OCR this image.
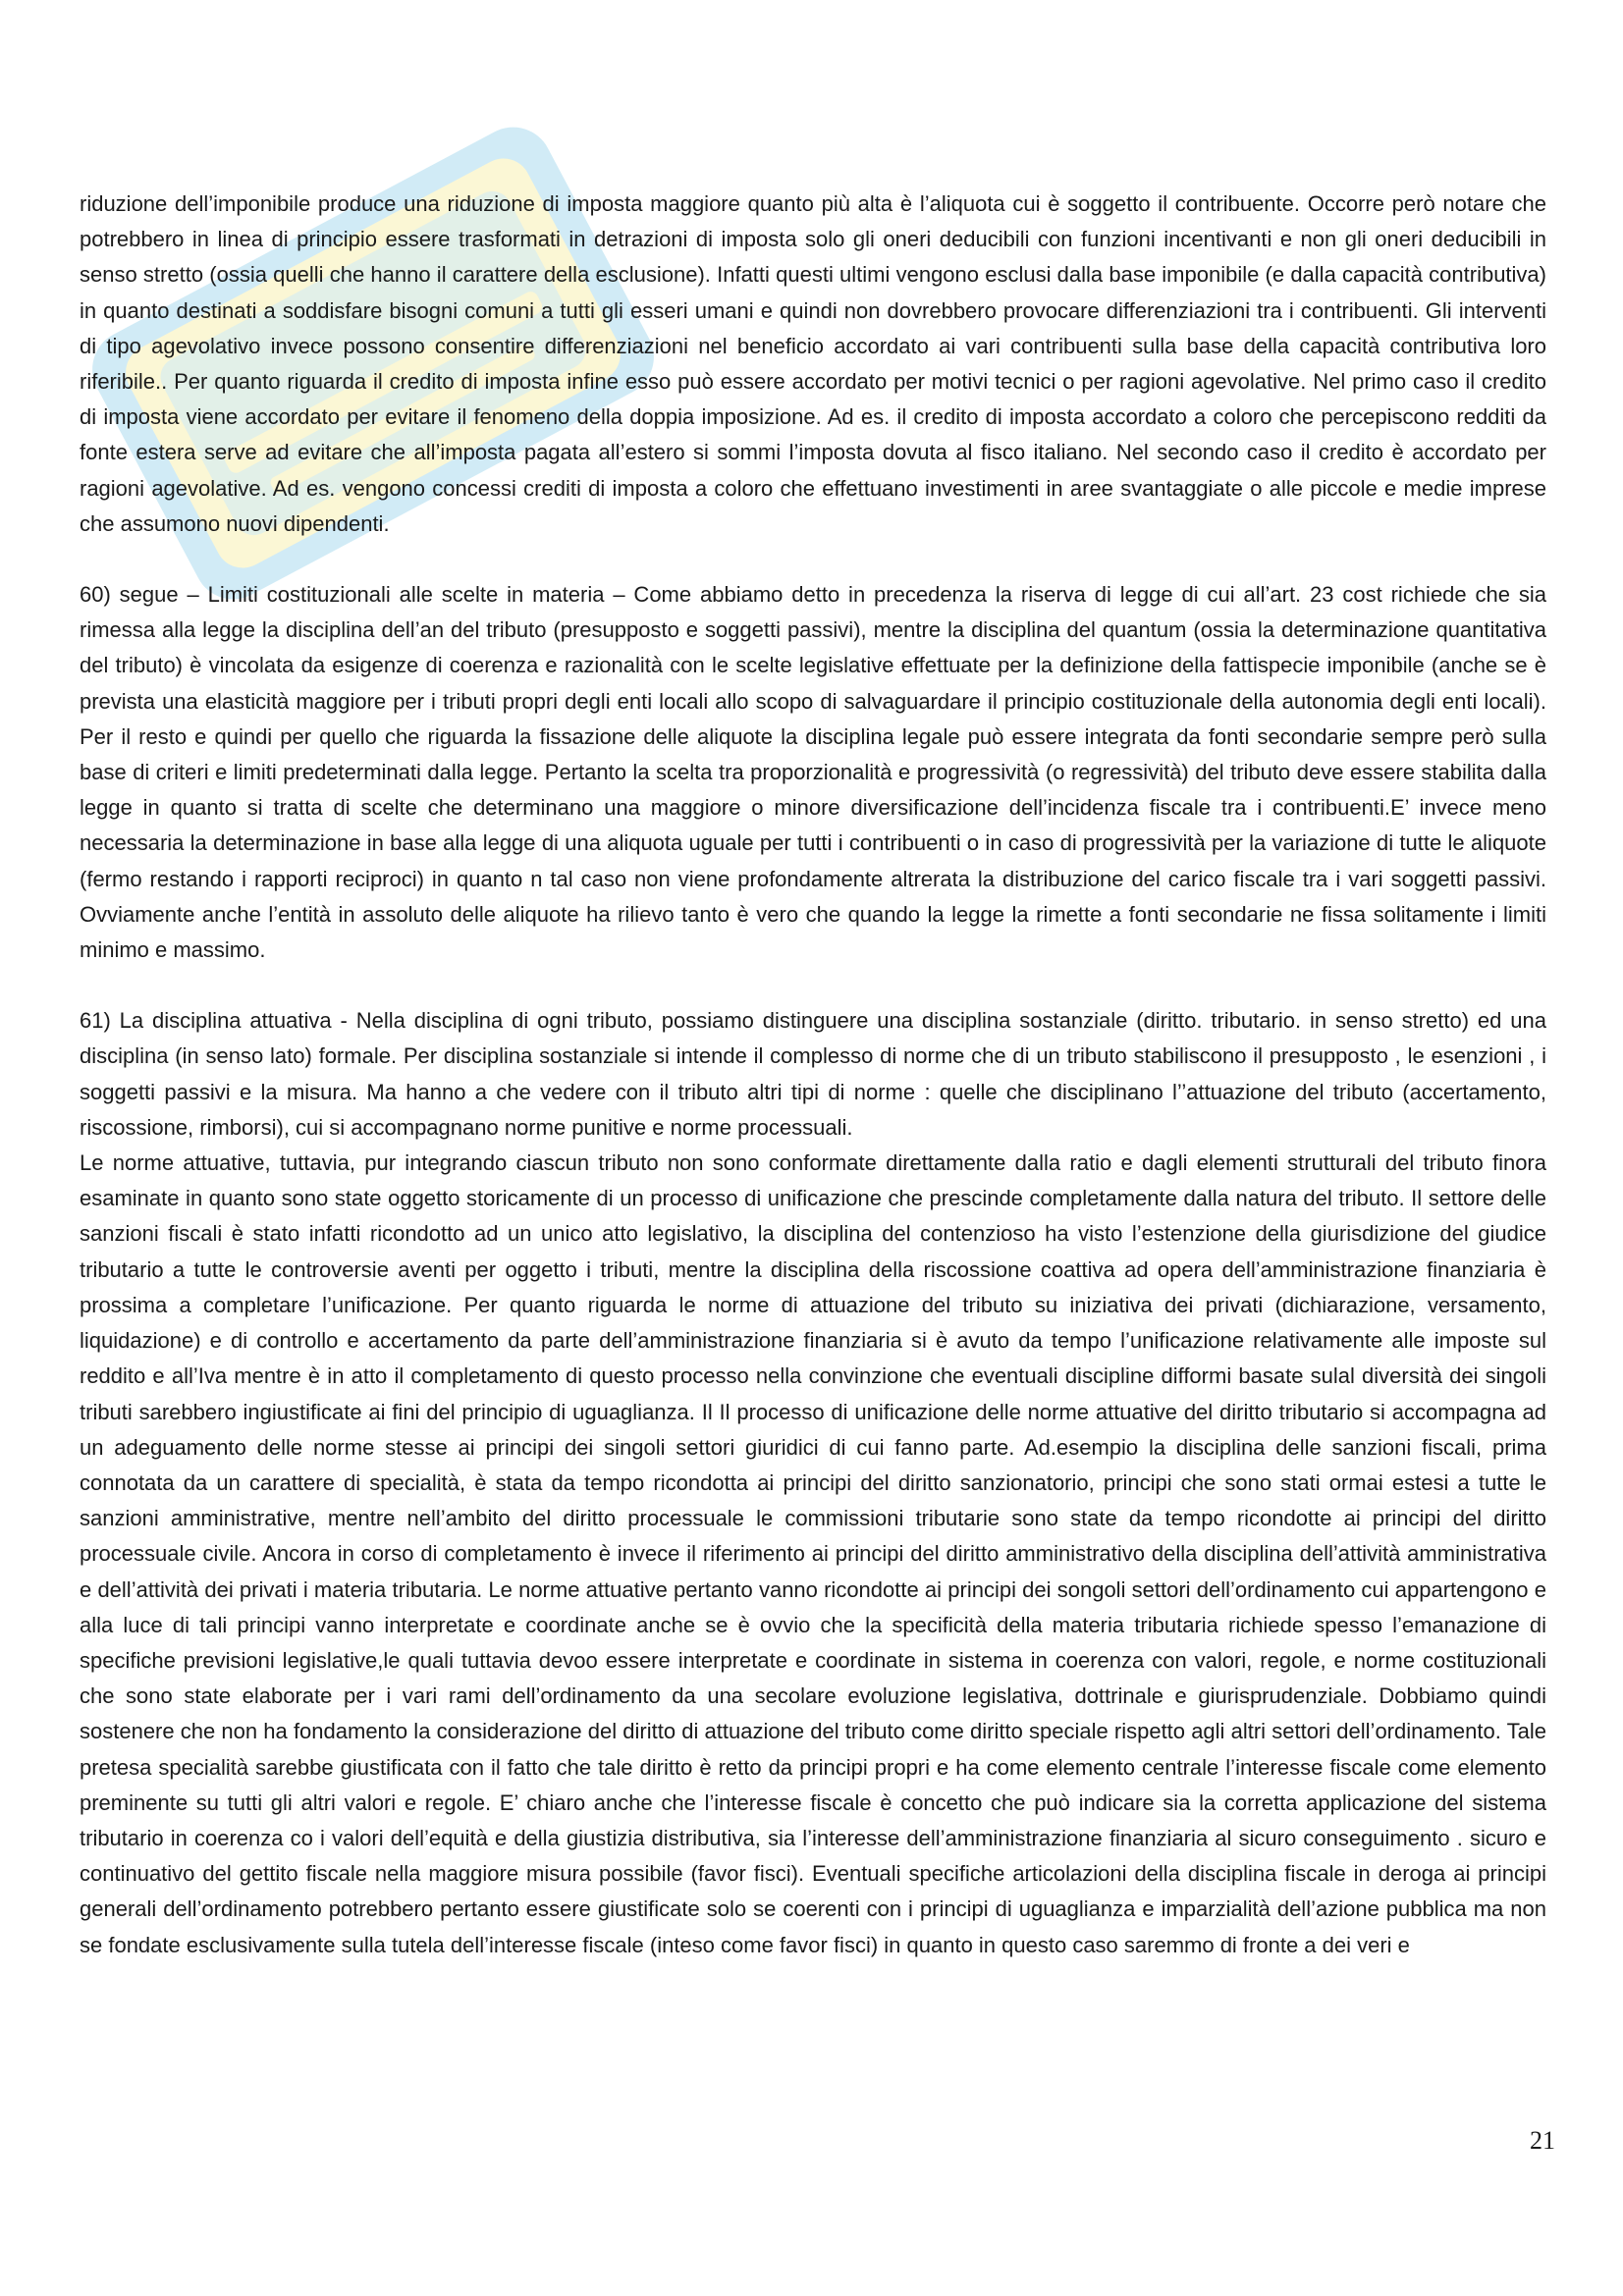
riduzione dell’imponibile produce una riduzione di imposta maggiore quanto più alta è l’aliquota cui è soggetto il contribuente. Occorre però notare che potrebbero in linea di principio essere trasformati in detrazioni di imposta solo gli oneri deducibili con funzioni incentivanti e non gli oneri deducibili in senso stretto (ossia quelli che hanno il carattere della esclusione). Infatti questi ultimi vengono esclusi dalla base imponibile (e dalla capacità contributiva) in quanto destinati a soddisfare bisogni comuni a tutti gli esseri umani e quindi non dovrebbero provocare differenziazioni tra i contribuenti. Gli interventi di tipo agevolativo invece possono consentire differenziazioni nel beneficio accordato ai vari contribuenti sulla base della capacità contributiva loro riferibile.. Per quanto riguarda il credito di imposta infine esso può essere accordato per motivi tecnici o per ragioni agevolative. Nel primo caso il credito di imposta viene accordato per evitare il fenomeno della doppia imposizione. Ad es. il credito di imposta accordato a coloro che percepiscono redditi da fonte estera serve ad evitare che all’imposta pagata all’estero si sommi l’imposta dovuta al fisco italiano. Nel secondo caso il credito è accordato per ragioni agevolative. Ad es. vengono concessi crediti di imposta a coloro che effettuano investimenti in aree svantaggiate o alle piccole e medie imprese che assumono nuovi dipendenti.

60) segue – Limiti costituzionali alle scelte in materia – Come abbiamo detto in precedenza la riserva di legge di cui all’art. 23 cost richiede che sia rimessa alla legge la disciplina dell’an del tributo (presupposto e soggetti passivi), mentre la disciplina del quantum (ossia la determinazione quantitativa del tributo) è vincolata da esigenze di coerenza e razionalità con le scelte legislative effettuate per la definizione della fattispecie imponibile (anche se è prevista una elasticità maggiore per i tributi propri degli enti locali allo scopo di salvaguardare il principio costituzionale della autonomia degli enti locali). Per il resto e quindi per quello che riguarda la fissazione delle aliquote la disciplina legale può essere integrata da fonti secondarie sempre però sulla base di criteri e limiti predeterminati dalla legge. Pertanto la scelta tra proporzionalità e progressività (o regressività) del tributo deve essere stabilita dalla legge in quanto si tratta di scelte che determinano una maggiore o minore diversificazione dell’incidenza fiscale tra i contribuenti.E’ invece meno necessaria la determinazione in base alla legge di una aliquota uguale per tutti i contribuenti o in caso di progressività per la variazione di tutte le aliquote (fermo restando i rapporti reciproci) in quanto n tal caso non viene profondamente altrerata la distribuzione del carico fiscale tra i vari soggetti passivi. Ovviamente anche l’entità in assoluto delle aliquote ha rilievo tanto è vero che quando la legge la rimette a fonti secondarie ne fissa solitamente i limiti minimo e massimo.

61) La disciplina attuativa - Nella disciplina di ogni tributo, possiamo distinguere una disciplina sostanziale (diritto. tributario. in senso stretto) ed una disciplina (in senso lato) formale. Per disciplina sostanziale si intende il complesso di norme che di un tributo stabiliscono il presupposto , le esenzioni , i soggetti passivi e la misura. Ma hanno a che vedere con il tributo altri tipi di norme : quelle che disciplinano l’’attuazione del tributo (accertamento, riscossione, rimborsi), cui si accompagnano norme punitive e norme processuali.

Le norme attuative, tuttavia, pur integrando ciascun tributo non sono conformate direttamente dalla ratio e dagli elementi strutturali del tributo finora esaminate in quanto sono state oggetto storicamente di un processo di unificazione che prescinde completamente dalla natura del tributo. Il settore delle sanzioni fiscali è stato infatti ricondotto ad un unico atto legislativo, la disciplina del contenzioso ha visto l’estenzione della giurisdizione del giudice tributario a tutte le controversie aventi per oggetto i tributi, mentre la disciplina della riscossione coattiva ad opera dell’amministrazione finanziaria è prossima a completare l’unificazione. Per quanto riguarda le norme di attuazione del tributo su iniziativa dei privati (dichiarazione, versamento, liquidazione) e di controllo e accertamento da parte dell’amministrazione finanziaria si è avuto da tempo l’unificazione relativamente alle imposte sul reddito e all’Iva mentre è in atto il completamento di questo processo nella convinzione che eventuali discipline difformi basate sulal diversità dei singoli tributi sarebbero ingiustificate ai fini del principio di uguaglianza. Il Il processo di unificazione delle norme attuative del diritto tributario si accompagna ad un adeguamento delle norme stesse ai principi dei singoli settori giuridici di cui fanno parte. Ad.esempio la disciplina delle sanzioni fiscali, prima connotata da un carattere di specialità, è stata da tempo ricondotta ai principi del diritto sanzionatorio, principi che sono stati ormai estesi a tutte le sanzioni amministrative, mentre nell’ambito del diritto processuale le commissioni tributarie sono state da tempo ricondotte ai principi del diritto processuale civile. Ancora in corso di completamento è invece il riferimento ai principi del diritto amministrativo della disciplina dell’attività amministrativa e dell’attività dei privati i materia tributaria. Le norme attuative pertanto vanno ricondotte ai principi dei songoli settori dell’ordinamento cui appartengono e alla luce di tali principi vanno interpretate e coordinate anche se è ovvio che la specificità della materia tributaria richiede spesso l’emanazione di specifiche previsioni legislative,le quali tuttavia devoo essere interpretate e coordinate in sistema in coerenza con valori, regole, e norme costituzionali che sono state elaborate per i vari rami dell’ordinamento da una secolare evoluzione legislativa, dottrinale e giurisprudenziale. Dobbiamo quindi sostenere che non ha fondamento la considerazione del diritto di attuazione del tributo come diritto speciale rispetto agli altri settori dell’ordinamento. Tale pretesa specialità sarebbe giustificata con il fatto che tale diritto è retto da principi propri e ha come elemento centrale l’interesse fiscale come elemento preminente su tutti gli altri valori e regole. E’ chiaro anche che l’interesse fiscale è concetto che può indicare sia la corretta applicazione del sistema tributario in coerenza co i valori dell’equità e della giustizia distributiva, sia l’interesse dell’amministrazione finanziaria al sicuro conseguimento . sicuro e continuativo del gettito fiscale nella maggiore misura possibile (favor fisci). Eventuali specifiche articolazioni della disciplina fiscale in deroga ai principi generali dell’ordinamento potrebbero pertanto essere giustificate solo se coerenti con i principi di uguaglianza e imparzialità dell’azione pubblica ma non se fondate esclusivamente sulla tutela dell’interesse fiscale (inteso come favor fisci) in quanto in questo caso saremmo di fronte a dei veri e

21
